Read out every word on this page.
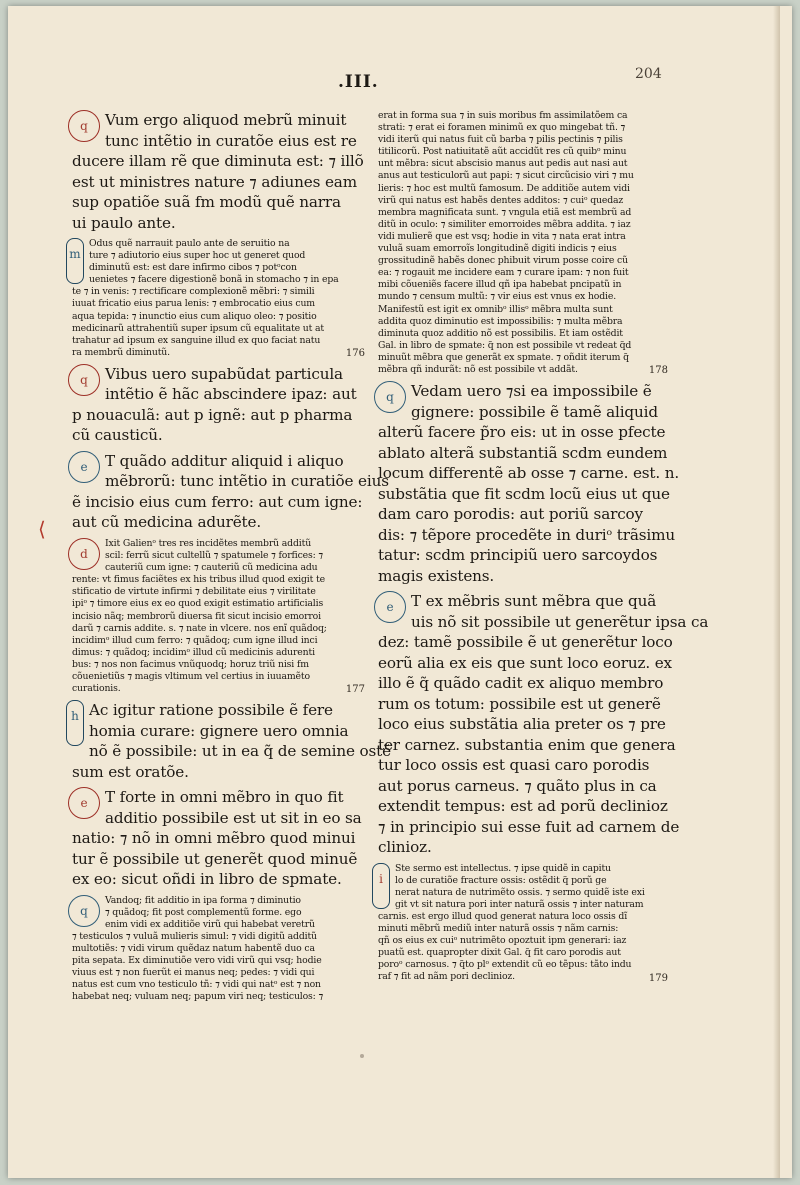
.III.	204
⟨
q	Vum ergo aliquod mebrũ minuit
tunc intẽtio in curatõe eius est re
ducere illam rẽ que diminuta est: ⁊ illõ
est ut ministres nature ⁊ adiunes eam
sup opatiõe suã fm modũ quẽ narra
ui paulo ante.
m
Odus quẽ narrauit paulo ante de seruitio na
ture ⁊ adiutorio eius super hoc ut generet quod
diminutũ est: est dare infirmo cibos ⁊ potᵒcon
uenietes ⁊ facere digestionẽ bonã in stomacho ⁊ in epa
te ⁊ in venis: ⁊ rectificare complexionẽ mẽbri: ⁊ simili
iuuat fricatio eius parua lenis: ⁊ embrocatio eius cum
aqua tepida: ⁊ inunctio eius cum aliquo oleo: ⁊ positio
medicinarũ attrahentiũ super ipsum cũ equalitate ut at
trahatur ad ipsum ex sanguine illud ex quo faciat natu
ra membrũ diminutũ.	176
q	Vibus uero supabũdat particula
intẽtio ẽ hãc abscindere ipaz: aut
p nouaculã: aut p ignẽ: aut p pharma
cũ causticũ.
e	T quãdo additur aliquid i aliquo
mẽbrorũ: tunc intẽtio in curatiõe eius
ẽ incisio eius cum ferro: aut cum igne:
aut cũ medicina adurẽte.
d
Ixit Galienᵒ tres res incidẽtes membrũ additũ
scil: ferrũ sicut cultellũ ⁊ spatumele ⁊ forfices: ⁊
cauteriũ cum igne: ⁊ cauteriũ cũ medicina adu
rente: vt fimus faciẽtes ex his tribus illud quod exigit te
stificatio de virtute infirmi ⁊ debilitate eius ⁊ virilitate
ipiᵒ ⁊ timore eius ex eo quod exigit estimatio artificialis
incisio nãq; membrorũ diuersa fit sicut incisio emorroi
darũ ⁊ carnis addite. s. ⁊ nate in vlcere. nos enĩ quãdoq;
incidimᵒ illud cum ferro: ⁊ quãdoq; cum igne illud inci
dimus: ⁊ quãdoq; incidimᵒ illud cũ medicinis adurenti
bus: ⁊ nos non facimus vnũquodq; horuz triũ nisi fm
cõuenietiũs ⁊ magis vltimum vel certius in iuuamẽto
curationis.	177
h Ac igitur ratione possibile ẽ fere
homia curare: gignere uero omnia
nõ ẽ possibile: ut in ea q̃ de semine ostẽ
sum est oratõe.
e	T forte in omni mẽbro in quo fit
additio possibile est ut sit in eo sa
natio: ⁊ nõ in omni mẽbro quod minui
tur ẽ possibile ut generẽt quod minuẽ
ex eo: sicut oñdi in libro de spmate.
q
Vandoq; fit additio in ipa forma ⁊ diminutio
⁊ quãdoq; fit post complementũ forme. ego
enim vidi ex additiõe virũ qui habebat veretrũ
⁊ testiculos ⁊ vuluã mulieris simul: ⁊ vidi digitũ additũ
multotiẽs: ⁊ vidi virum quẽdaz natum habentẽ duo ca
pita sepata. Ex diminutiõe vero vidi virũ qui vsq; hodie
viuus est ⁊ non fuerũt ei manus neq; pedes: ⁊ vidi qui
natus est cum vno testiculo tñ: ⁊ vidi qui natᵒ est ⁊ non
habebat neq; vuluam neq; papum viri neq; testiculos: ⁊
erat in forma sua ⁊ in suis moribus fm assimilatõem ca
strati: ⁊ erat ei foramen minimũ ex quo mingebat tñ. ⁊
vidi iterũ qui natus fuit cũ barba ⁊ pilis pectinis ⁊ pilis
titilicorũ. Post natiuitatẽ aũt accidũt res cũ quibᵒ minu
unt mẽbra: sicut abscisio manus aut pedis aut nasi aut
anus aut testiculorũ aut papi: ⁊ sicut circũcisio viri ⁊ mu
lieris: ⁊ hoc est multũ famosum. De additiõe autem vidi
virũ qui natus est habẽs dentes additos: ⁊ cuiᵒ quedaz
membra magnificata sunt. ⁊ vngula etiã est membrũ ad
ditũ in oculo: ⁊ similiter emorroides mẽbra addita. ⁊ iaz
vidi mulierẽ que est vsq; hodie in vita ⁊ nata erat intra
vuluã suam emorroĩs longitudinẽ digiti indicis ⁊ eius
grossitudinẽ habẽs donec phibuit virum posse coire cũ
ea: ⁊ rogauit me incidere eam ⁊ curare ipam: ⁊ non fuit
mibi cõueniẽs facere illud qñ ipa habebat pncipatũ in
mundo ⁊ censum multũ: ⁊ vir eius est vnus ex hodie.
Manifestũ est igit ex omnibᵒ illisᵒ mẽbra multa sunt
addita quoz diminutio est impossibilis: ⁊ multa mẽbra
diminuta quoz additio nõ est possibilis. Et iam ostẽdit
Gal. in libro de spmate: q̃ non est possibile vt redeat q̃d
minuũt mẽbra que generãt ex spmate. ⁊ oñdit iterum q̃
mẽbra qñ indurãt: nõ est possibile vt addãt.	178
q	Vedam uero ⁊si ea impossibile ẽ
gignere: possibile ẽ tamẽ aliquid
alterũ facere p̃ro eis: ut in osse pfecte
ablato alterã substantiã scdm eundem
locum differentẽ ab osse ⁊ carne. est. n.
substãtia que fit scdm locũ eius ut que
dam caro porodis: aut poriũ sarcoy
dis: ⁊ tẽpore procedẽte in duriᵒ trãsimu
tatur: scdm principiũ uero sarcoydos
magis existens.
e	T ex mẽbris sunt mẽbra que quã
uis nõ sit possibile ut generẽtur ipsa ca
dez: tamẽ possibile ẽ ut generẽtur loco
eorũ alia ex eis que sunt loco eoruz. ex
illo ẽ q̃ quãdo cadit ex aliquo membro
rum os totum: possibile est ut generẽ
loco eius substãtia alia preter os ⁊ pre
ter carnez. substantia enim que genera
tur loco ossis est quasi caro porodis
aut porus carneus. ⁊ quãto plus in ca
extendit tempus: est ad porũ declinioz
⁊ in principio sui esse fuit ad carnem de
clinioz.
i
Ste sermo est intellectus. ⁊ ipse quidẽ in capitu
lo de curatiõe fracture ossis: ostẽdit q̃ porũ ge
nerat natura de nutrimẽto ossis. ⁊ sermo quidẽ iste exi
git vt sit natura pori inter naturã ossis ⁊ inter naturam
carnis. est ergo illud quod generat natura loco ossis dĩ
minuti mẽbrũ mediũ inter naturã ossis ⁊ nãm carnis:
qñ os eius ex cuiᵒ nutrimẽto opoztuit ipm generari: iaz
puatũ est. quapropter dixit Gal. q̃ fit caro porodis aut
poroᵒ carnosus. ⁊ q̃to plᵒ extendit cũ eo tẽpus: tãto indu
raf ⁊ fit ad nãm pori declinioz.	179
